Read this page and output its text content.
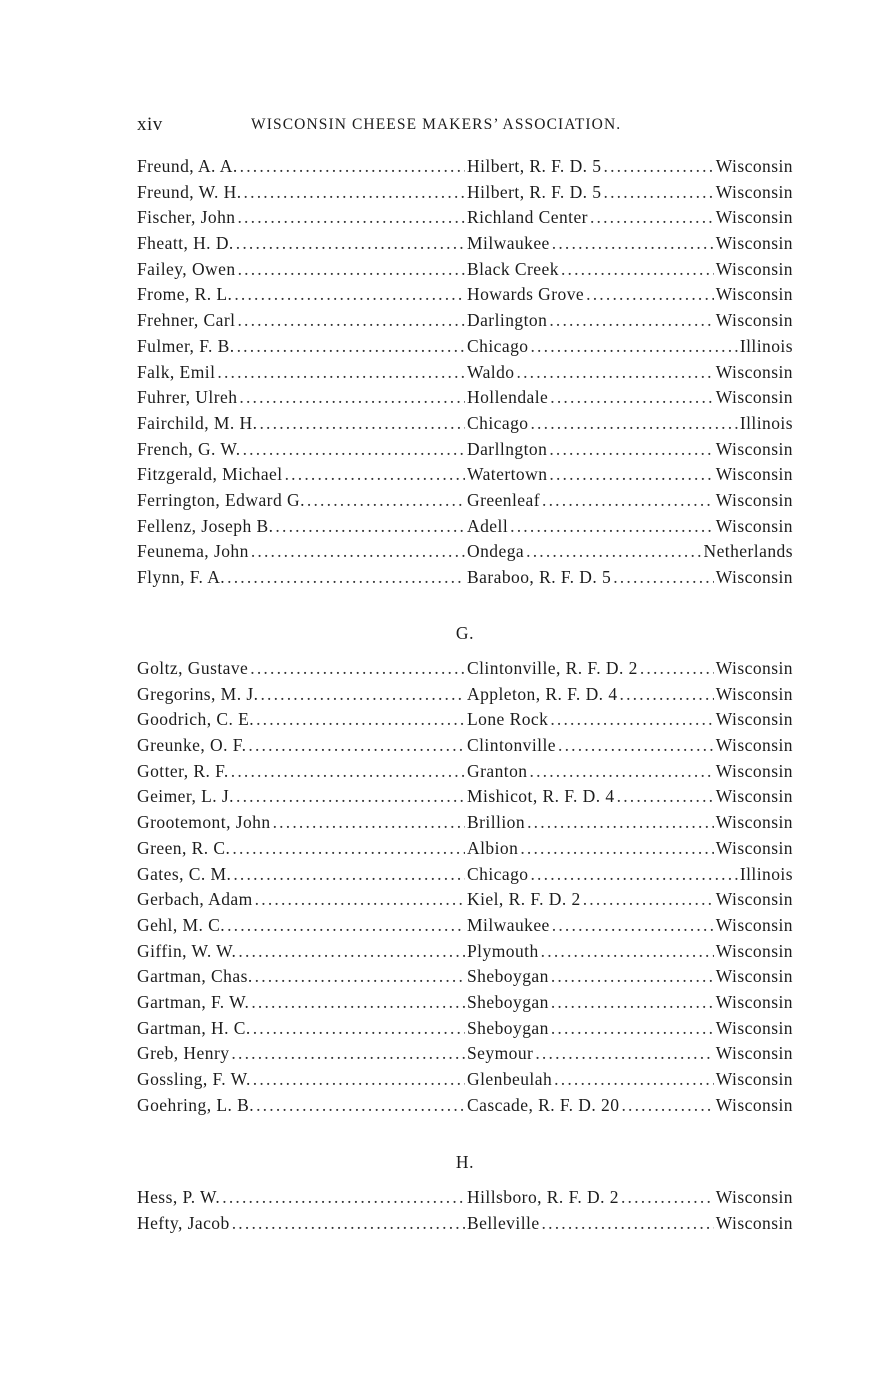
xiv	WISCONSIN CHEESE MAKERS’ ASSOCIATION.
Freund, A. A. .....	Hilbert, R. F. D. 5 .....	Wisconsin
Freund, W. H. .....	Hilbert, R. F. D. 5 .....	Wisconsin
Fischer, John .....	Richland Center .....	Wisconsin
Fheatt, H. D. .....	Milwaukee .....	Wisconsin
Failey, Owen .....	Black Creek .....	Wisconsin
Frome, R. L. .....	Howards Grove .....	Wisconsin
Frehner, Carl .....	Darlington .....	Wisconsin
Fulmer, F. B. .....	Chicago .....	Illinois
Falk, Emil .....	Waldo .....	Wisconsin
Fuhrer, Ulreh .....	Hollendale .....	Wisconsin
Fairchild, M. H. .....	Chicago .....	Illinois
French, G. W. .....	Darllngton .....	Wisconsin
Fitzgerald, Michael .....	Watertown .....	Wisconsin
Ferrington, Edward G. .....	Greenleaf .....	Wisconsin
Fellenz, Joseph B. .....	Adell .....	Wisconsin
Feunema, John .....	Ondega .....	Netherlands
Flynn, F. A. .....	Baraboo, R. F. D. 5 .....	Wisconsin
G.
Goltz, Gustave .....	Clintonville, R. F. D. 2 .....	Wisconsin
Gregorins, M. J. .....	Appleton, R. F. D. 4 .....	Wisconsin
Goodrich, C. E. .....	Lone Rock .....	Wisconsin
Greunke, O. F. .....	Clintonville .....	Wisconsin
Gotter, R. F. .....	Granton .....	Wisconsin
Geimer, L. J. .....	Mishicot, R. F. D. 4 .....	Wisconsin
Grootemont, John .....	Brillion .....	Wisconsin
Green, R. C. .....	Albion .....	Wisconsin
Gates, C. M. .....	Chicago .....	Illinois
Gerbach, Adam .....	Kiel, R. F. D. 2 .....	Wisconsin
Gehl, M. C. .....	Milwaukee .....	Wisconsin
Giffin, W. W. .....	Plymouth .....	Wisconsin
Gartman, Chas. .....	Sheboygan .....	Wisconsin
Gartman, F. W. .....	Sheboygan .....	Wisconsin
Gartman, H. C. .....	Sheboygan .....	Wisconsin
Greb, Henry .....	Seymour .....	Wisconsin
Gossling, F. W. .....	Glenbeulah .....	Wisconsin
Goehring, L. B. .....	Cascade, R. F. D. 20 .....	Wisconsin
H.
Hess, P. W. .....	Hillsboro, R. F. D. 2 .....	Wisconsin
Hefty, Jacob .....	Belleville .....	Wisconsin
